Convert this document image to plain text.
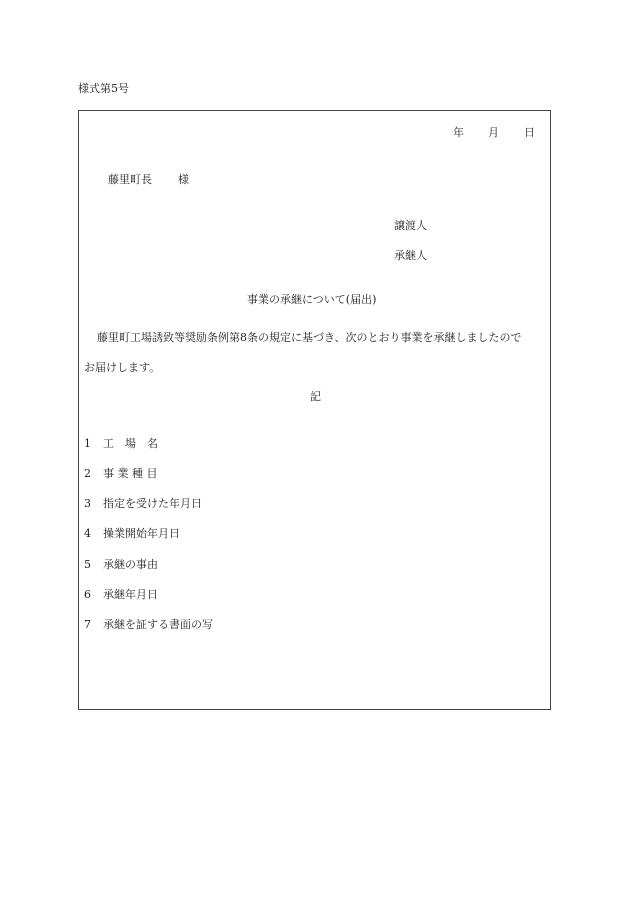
様式第5号
年 月 日
藤里町長 様
譲渡人
承継人
事業の承継について(届出)
藤里町工場誘致等奨励条例第8条の規定に基づき、次のとおり事業を承継しましたので
お届けします。
記
1 工　場　名
2 事 業 種 目
3 指定を受けた年月日
4 操業開始年月日
5 承継の事由
6 承継年月日
7 承継を証する書面の写
